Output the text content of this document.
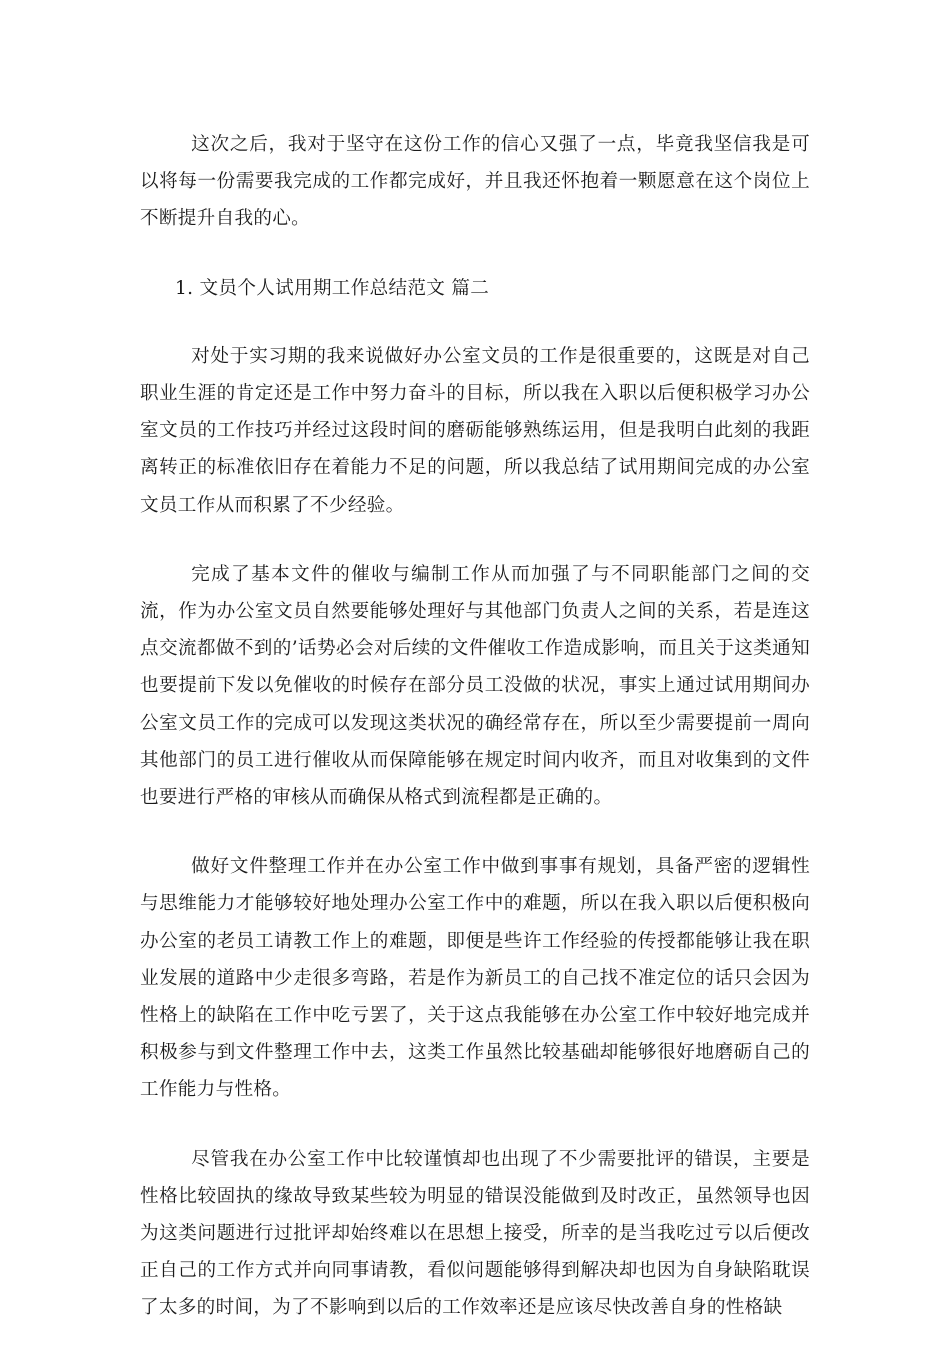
这次之后，我对于坚守在这份工作的信心又强了一点，毕竟我坚信我是可以将每一份需要我完成的工作都完成好，并且我还怀抱着一颗愿意在这个岗位上不断提升自我的心。

1. 文员个人试用期工作总结范文 篇二

对处于实习期的我来说做好办公室文员的工作是很重要的，这既是对自己职业生涯的肯定还是工作中努力奋斗的目标，所以我在入职以后便积极学习办公室文员的工作技巧并经过这段时间的磨砺能够熟练运用，但是我明白此刻的我距离转正的标准依旧存在着能力不足的问题，所以我总结了试用期间完成的办公室文员工作从而积累了不少经验。

完成了基本文件的催收与编制工作从而加强了与不同职能部门之间的交流，作为办公室文员自然要能够处理好与其他部门负责人之间的关系，若是连这点交流都做不到的’话势必会对后续的文件催收工作造成影响，而且关于这类通知也要提前下发以免催收的时候存在部分员工没做的状况，事实上通过试用期间办公室文员工作的完成可以发现这类状况的确经常存在，所以至少需要提前一周向其他部门的员工进行催收从而保障能够在规定时间内收齐，而且对收集到的文件也要进行严格的审核从而确保从格式到流程都是正确的。

做好文件整理工作并在办公室工作中做到事事有规划，具备严密的逻辑性与思维能力才能够较好地处理办公室工作中的难题，所以在我入职以后便积极向办公室的老员工请教工作上的难题，即便是些许工作经验的传授都能够让我在职业发展的道路中少走很多弯路，若是作为新员工的自己找不准定位的话只会因为性格上的缺陷在工作中吃亏罢了，关于这点我能够在办公室工作中较好地完成并积极参与到文件整理工作中去，这类工作虽然比较基础却能够很好地磨砺自己的工作能力与性格。

尽管我在办公室工作中比较谨慎却也出现了不少需要批评的错误，主要是性格比较固执的缘故导致某些较为明显的错误没能做到及时改正，虽然领导也因为这类问题进行过批评却始终难以在思想上接受，所幸的是当我吃过亏以后便改正自己的工作方式并向同事请教，看似问题能够得到解决却也因为自身缺陷耽误了太多的时间，为了不影响到以后的工作效率还是应该尽快改善自身的性格缺
